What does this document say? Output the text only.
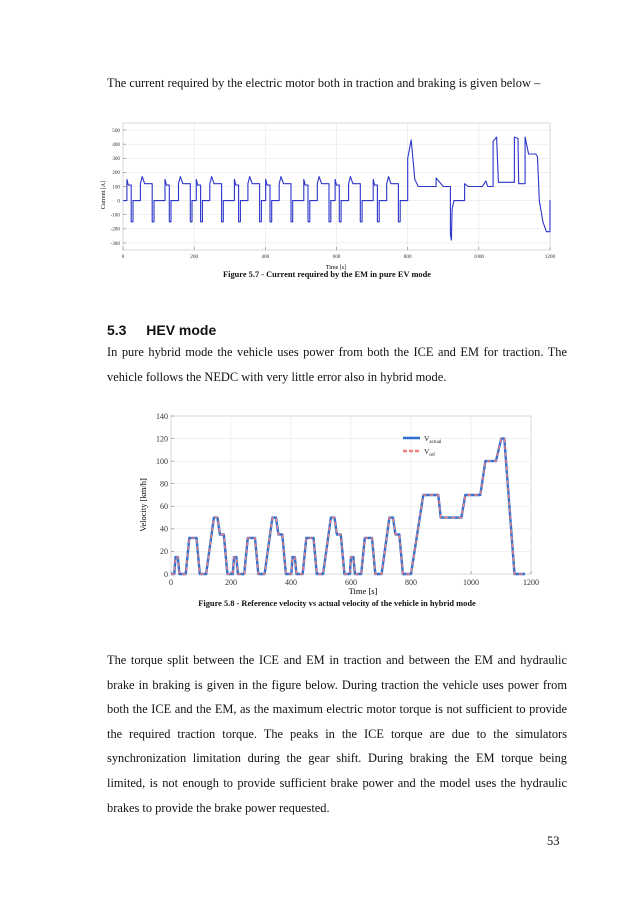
The current required by the electric motor both in traction and braking is given below –
0	200	400	600	800	1000	1200
500
400
300
200
100
0
-100
-200
-300
Time [s]
Current [A]
Figure 5.7 - Current required by the EM in pure EV mode
5.3 HEV mode
In pure hybrid mode the vehicle uses power from both the ICE and EM for traction. The vehicle follows the NEDC with very little error also in hybrid mode.
0	200	400	600	800	1000	1200
140
120
100
80
60
40
20
0
$V_{actual}$
$V_{ref}$
Time [s]
Velocity [km/h]
Figure 5.8 - Reference velocity vs actual velocity of the vehicle in hybrid mode
The torque split between the ICE and EM in traction and between the EM and hydraulic brake in braking is given in the figure below. During traction the vehicle uses power from both the ICE and the EM, as the maximum electric motor torque is not sufficient to provide the required traction torque. The peaks in the ICE torque are due to the simulators synchronization limitation during the gear shift. During braking the EM torque being limited, is not enough to provide sufficient brake power and the model uses the hydraulic brakes to provide the brake power requested.
53
